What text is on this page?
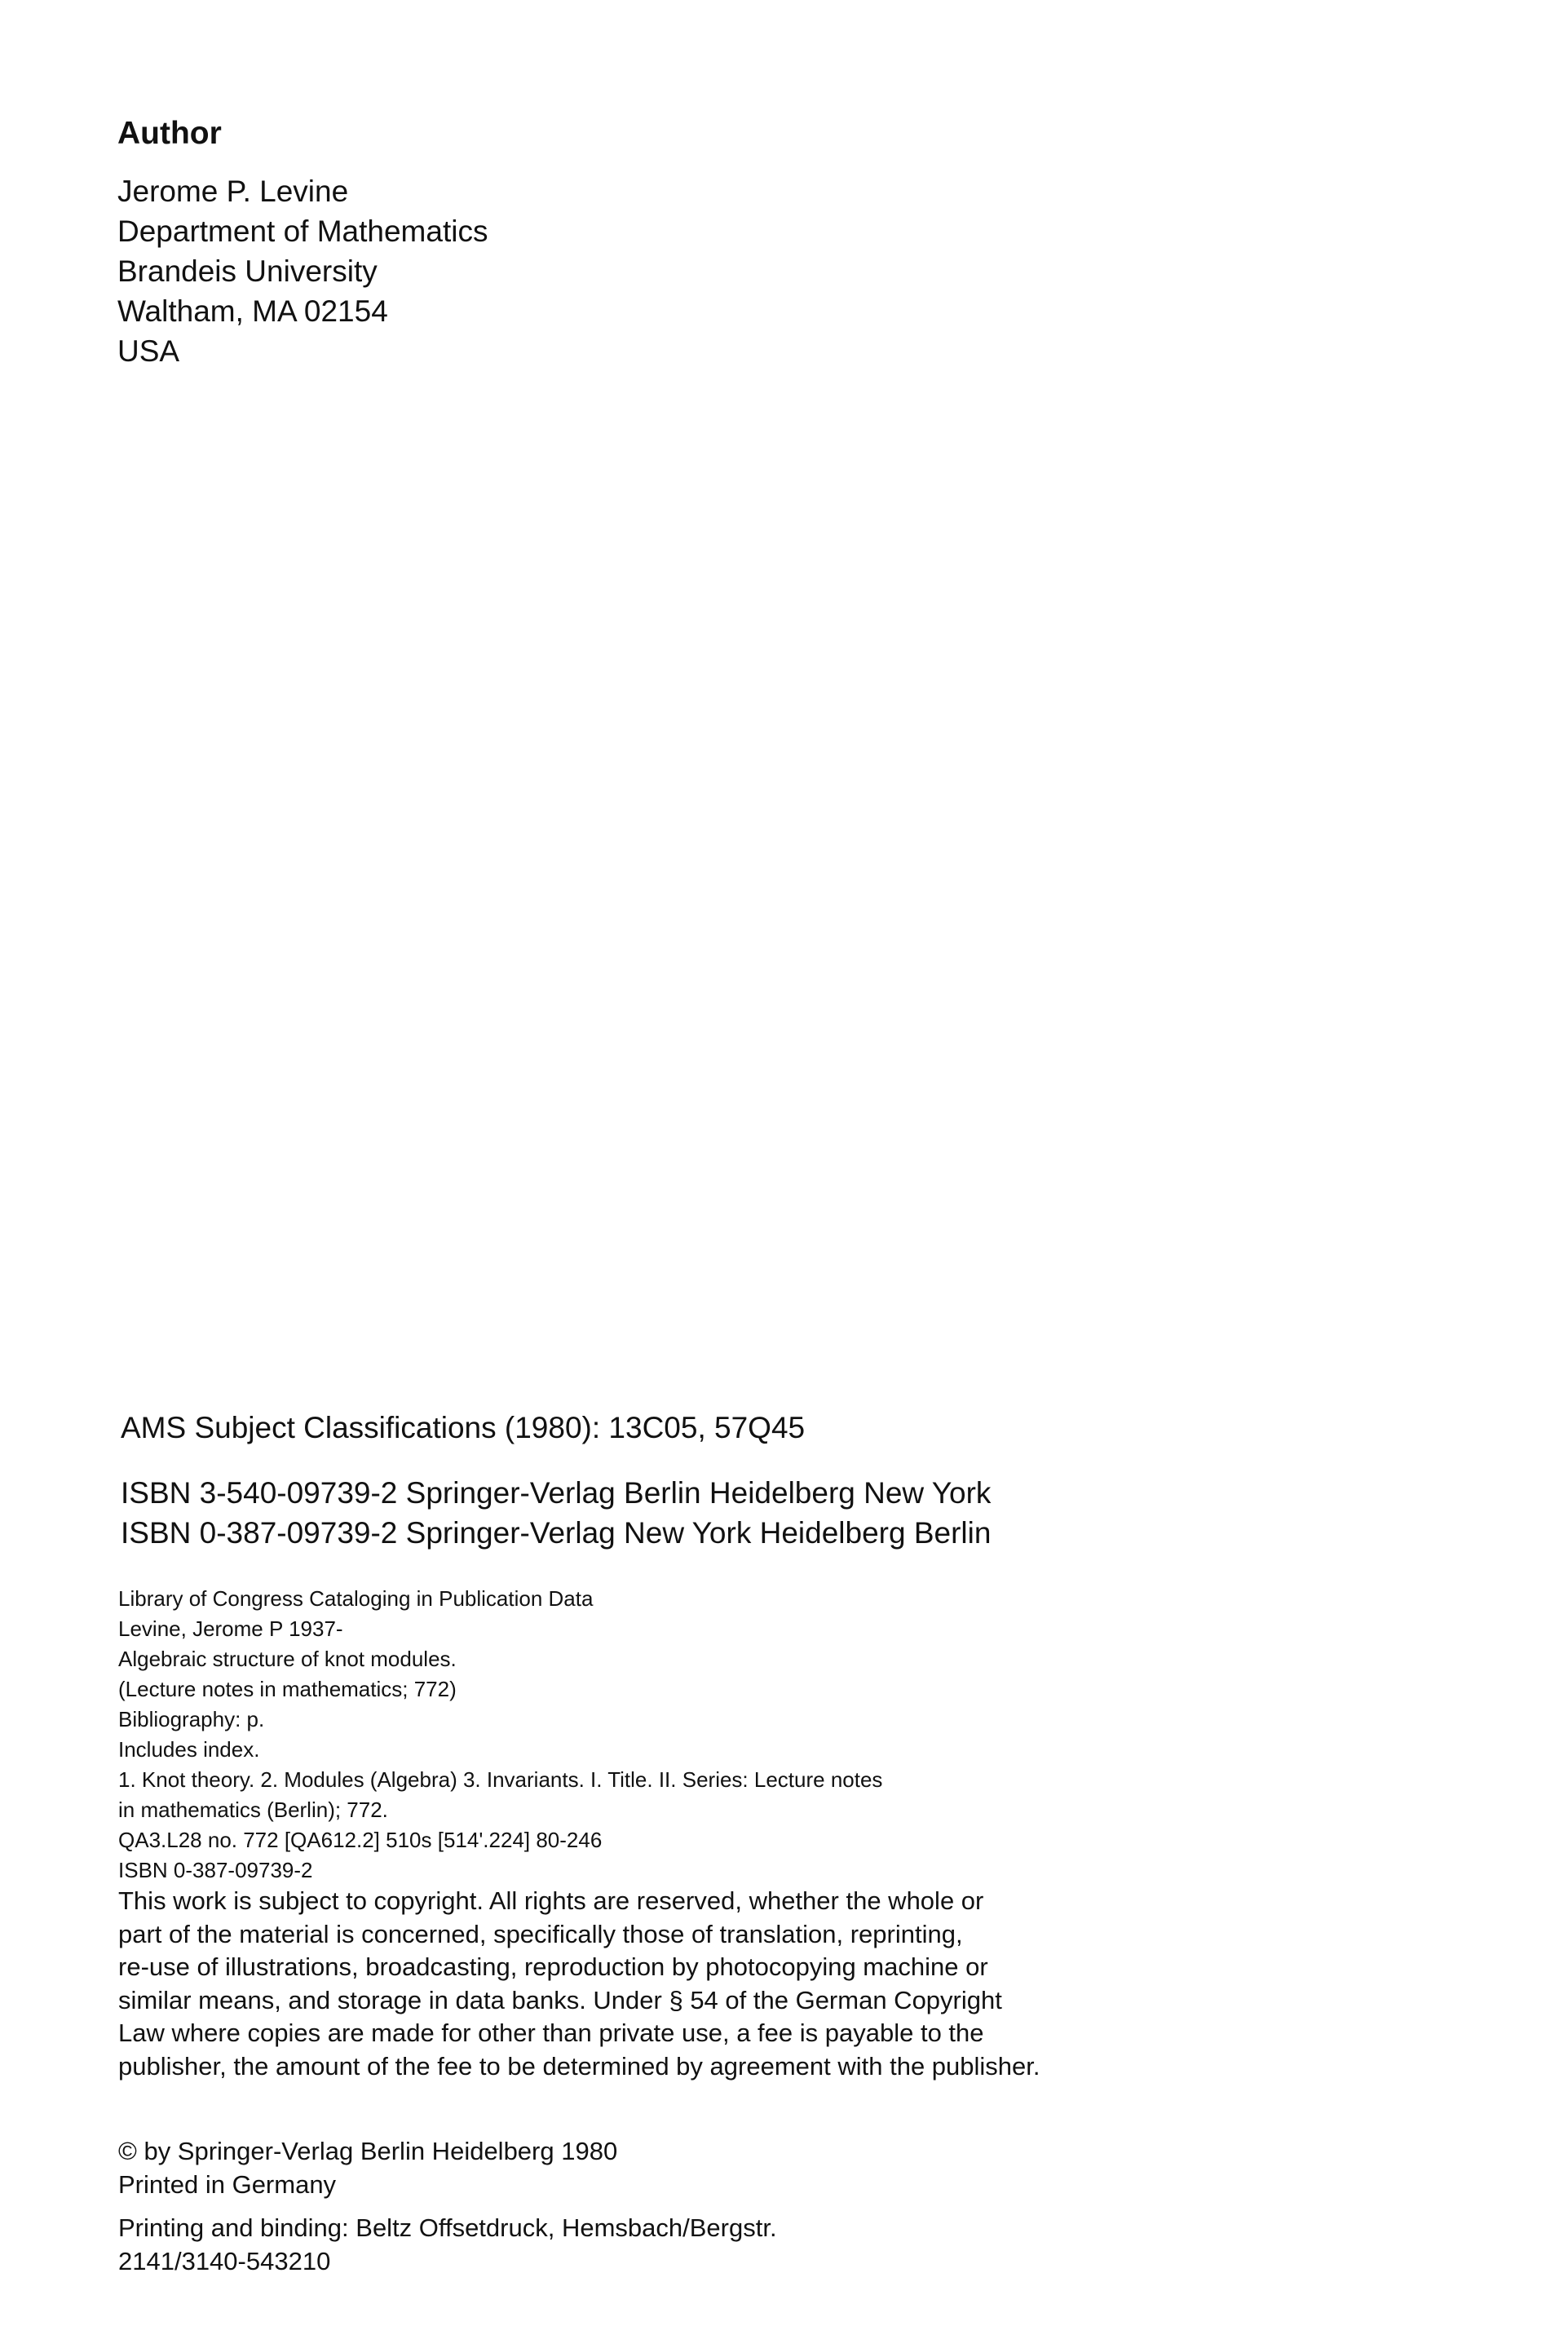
Author
Jerome P. Levine
Department of Mathematics
Brandeis University
Waltham, MA 02154
USA
AMS Subject Classifications (1980): 13C05, 57Q45
ISBN 3-540-09739-2 Springer-Verlag Berlin Heidelberg New York
ISBN 0-387-09739-2 Springer-Verlag New York Heidelberg Berlin
Library of Congress Cataloging in Publication Data
Levine, Jerome P 1937-
Algebraic structure of knot modules.
(Lecture notes in mathematics; 772)
Bibliography: p.
Includes index.
1. Knot theory. 2. Modules (Algebra) 3. Invariants. I. Title. II. Series: Lecture notes
in mathematics (Berlin); 772.
QA3.L28 no. 772 [QA612.2] 510s [514'.224] 80-246
ISBN 0-387-09739-2
This work is subject to copyright. All rights are reserved, whether the whole or
part of the material is concerned, specifically those of translation, reprinting,
re-use of illustrations, broadcasting, reproduction by photocopying machine or
similar means, and storage in data banks. Under § 54 of the German Copyright
Law where copies are made for other than private use, a fee is payable to the
publisher, the amount of the fee to be determined by agreement with the publisher.
© by Springer-Verlag Berlin Heidelberg 1980
Printed in Germany
Printing and binding: Beltz Offsetdruck, Hemsbach/Bergstr.
2141/3140-543210
